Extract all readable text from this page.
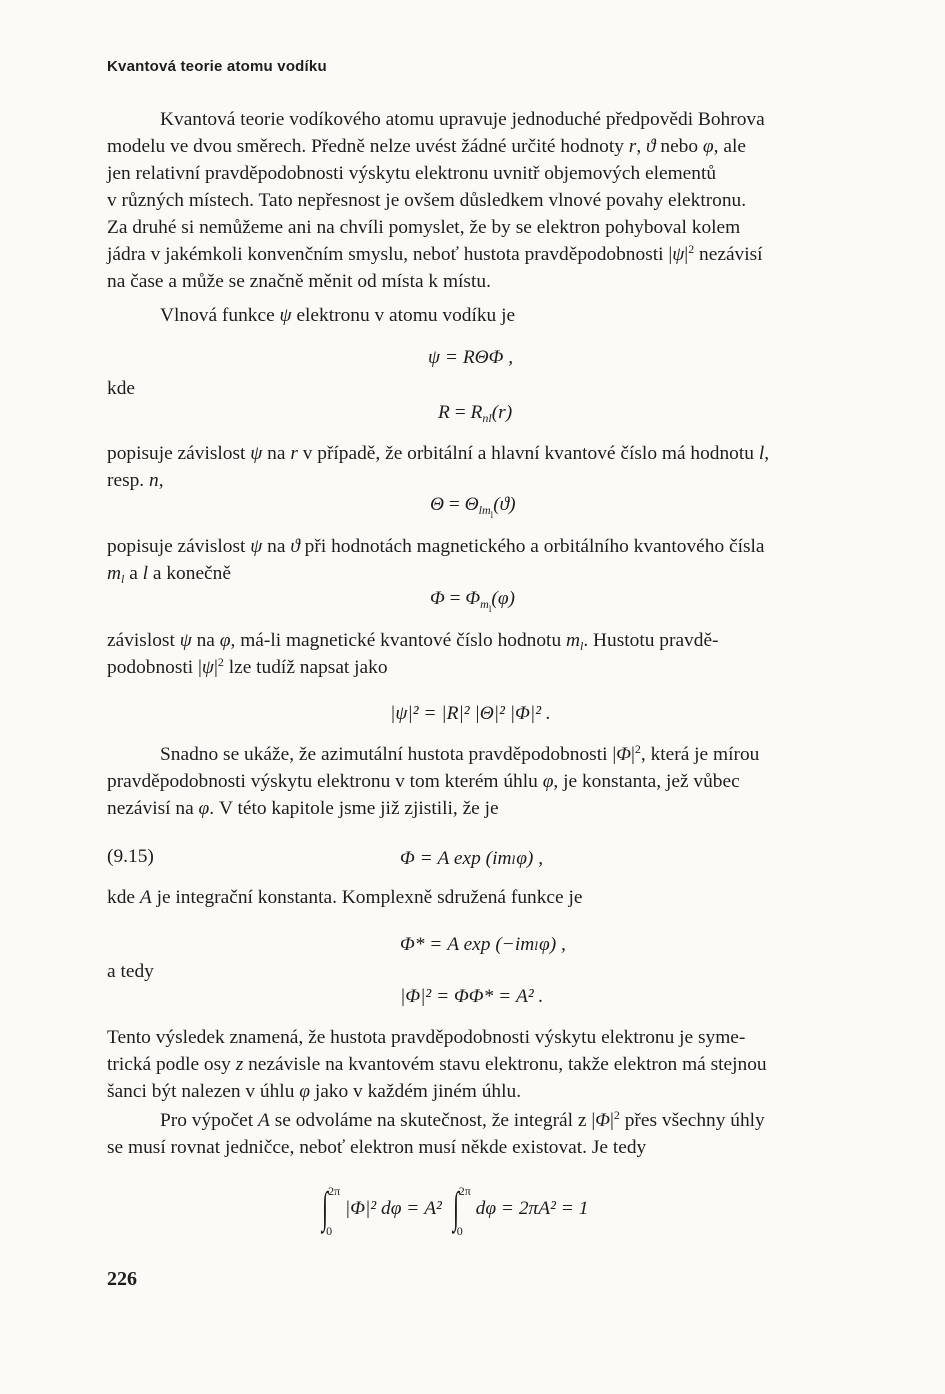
Kvantová teorie atomu vodíku
Kvantová teorie vodíkového atomu upravuje jednoduché předpovědi Bohrova
modelu ve dvou směrech. Předně nelze uvést žádné určité hodnoty r, ϑ nebo φ, ale
jen relativní pravděpodobnosti výskytu elektronu uvnitř objemových elementů
v různých místech. Tato nepřesnost je ovšem důsledkem vlnové povahy elektronu.
Za druhé si nemůžeme ani na chvíli pomyslet, že by se elektron pohyboval kolem
jádra v jakémkoli konvenčním smyslu, neboť hustota pravděpodobnosti $|\psi|^2$ nezávisí
na čase a může se značně měnit od místa k místu.
Vlnová funkce ψ elektronu v atomu vodíku je
ψ = RΘΦ ,
kde
$R = R_{nl}(r)$
popisuje závislost ψ na r v případě, že orbitální a hlavní kvantové číslo má hodnotu l,
resp. n,
$\Theta = \Theta_{lm_l}(ϑ)$
popisuje závislost ψ na ϑ při hodnotách magnetického a orbitálního kvantového čísla
$m_l$ a l a konečně
$\Phi = \Phi_{m_l}(\varphi)$
závislost ψ na φ, má-li magnetické kvantové číslo hodnotu $m_l$. Hustotu pravdě-
podobnosti $|\psi|^2$ lze tudíž napsat jako
|ψ|² = |R|² |Θ|² |Φ|² .
Snadno se ukáže, že azimutální hustota pravděpodobnosti $|\Phi|^2$, která je mírou
pravděpodobnosti výskytu elektronu v tom kterém úhlu φ, je konstanta, jež vůbec
nezávisí na φ. V této kapitole jsme již zjistili, že je
(9.15)	Φ = A exp (imₗφ) ,
kde A je integrační konstanta. Komplexně sdružená funkce je
Φ* = A exp (−imₗφ) ,
a tedy
|Φ|² = ΦΦ* = A² .
Tento výsledek znamená, že hustota pravděpodobnosti výskytu elektronu je syme-
trická podle osy z nezávisle na kvantovém stavu elektronu, takže elektron má stejnou
šanci být nalezen v úhlu φ jako v každém jiném úhlu.
Pro výpočet A se odvoláme na skutečnost, že integrál z $|\Phi|^2$ přes všechny úhly
se musí rovnat jedničce, neboť elektron musí někde existovat. Je tedy
∫ 2π
0
|Φ|² dφ = A² ∫ 2π
0
dφ = 2πA² = 1
226
